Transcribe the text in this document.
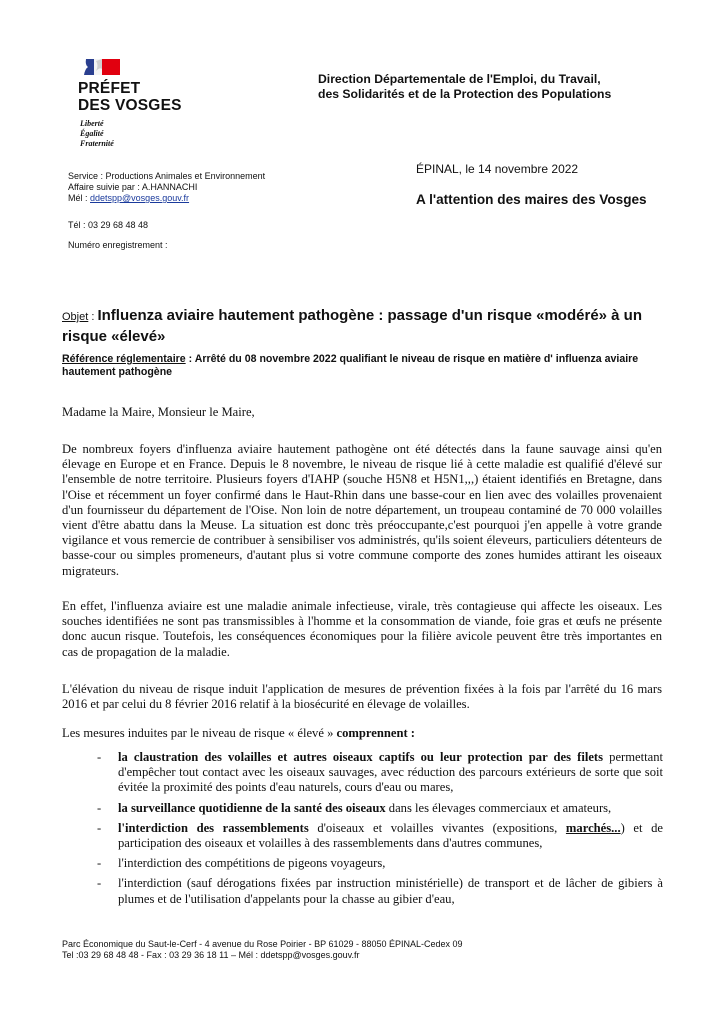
PRÉFET
DES VOSGES
Liberté
Égalité
Fraternité
Direction Départementale de l'Emploi, du Travail,
des Solidarités et de la Protection des Populations
ÉPINAL, le 14 novembre 2022
A l'attention des maires des Vosges
Service : Productions Animales et Environnement
Affaire suivie par : A.HANNACHI
Mél : ddetspp@vosges.gouv.fr
Tél : 03 29 68 48 48
Numéro enregistrement :
Objet : Influenza aviaire hautement pathogène : passage d'un risque «modéré» à un risque «élevé»
Référence réglementaire : Arrêté du 08 novembre 2022 qualifiant le niveau de risque en matière d' influenza aviaire hautement pathogène
Madame la Maire, Monsieur le Maire,
De nombreux foyers d'influenza aviaire hautement pathogène ont été détectés dans la faune sauvage ainsi qu'en élevage en Europe et en France. Depuis le 8 novembre, le niveau de risque lié à cette maladie est qualifié d'élevé sur l'ensemble de notre territoire. Plusieurs foyers d'IAHP (souche H5N8 et H5N1,,,) étaient identifiés en Bretagne, dans l'Oise et récemment un foyer confirmé dans le Haut-Rhin dans une basse-cour en lien avec des volailles provenaient d'un fournisseur du département de l'Oise. Non loin de notre département, un troupeau contaminé de 70 000 volailles vient d'être abattu dans la Meuse. La situation est donc très préoccupante,c'est pourquoi j'en appelle à votre grande vigilance et vous remercie de contribuer à sensibiliser vos administrés, qu'ils soient éleveurs, particuliers détenteurs de basse-cour ou simples promeneurs, d'autant plus si votre commune comporte des zones humides attirant les oiseaux migrateurs.
En effet, l'influenza aviaire est une maladie animale infectieuse, virale, très contagieuse qui affecte les oiseaux. Les souches identifiées ne sont pas transmissibles à l'homme et la consommation de viande, foie gras et œufs ne présente donc aucun risque. Toutefois, les conséquences économiques pour la filière avicole peuvent être très importantes en cas de propagation de la maladie.
L'élévation du niveau de risque induit l'application de mesures de prévention fixées à la fois par l'arrêté du 16 mars 2016 et par celui du 8 février 2016 relatif à la biosécurité en élevage de volailles.
Les mesures induites par le niveau de risque « élevé » comprennent :
- la claustration des volailles et autres oiseaux captifs ou leur protection par des filets permettant d'empêcher tout contact avec les oiseaux sauvages, avec réduction des parcours extérieurs de sorte que soit évitée la proximité des points d'eau naturels, cours d'eau ou mares,
- la surveillance quotidienne de la santé des oiseaux dans les élevages commerciaux et amateurs,
- l'interdiction des rassemblements d'oiseaux et volailles vivantes (expositions, marchés...) et de participation des oiseaux et volailles à des rassemblements dans d'autres communes,
- l'interdiction des compétitions de pigeons voyageurs,
- l'interdiction (sauf dérogations fixées par instruction ministérielle) de transport et de lâcher de gibiers à plumes et de l'utilisation d'appelants pour la chasse au gibier d'eau,
Parc Économique du Saut-le-Cerf - 4 avenue du Rose Poirier - BP 61029 - 88050 ÉPINAL-Cedex 09
Tel :03 29 68 48 48 - Fax : 03 29 36 18 11 – Mél : ddetspp@vosges.gouv.fr
